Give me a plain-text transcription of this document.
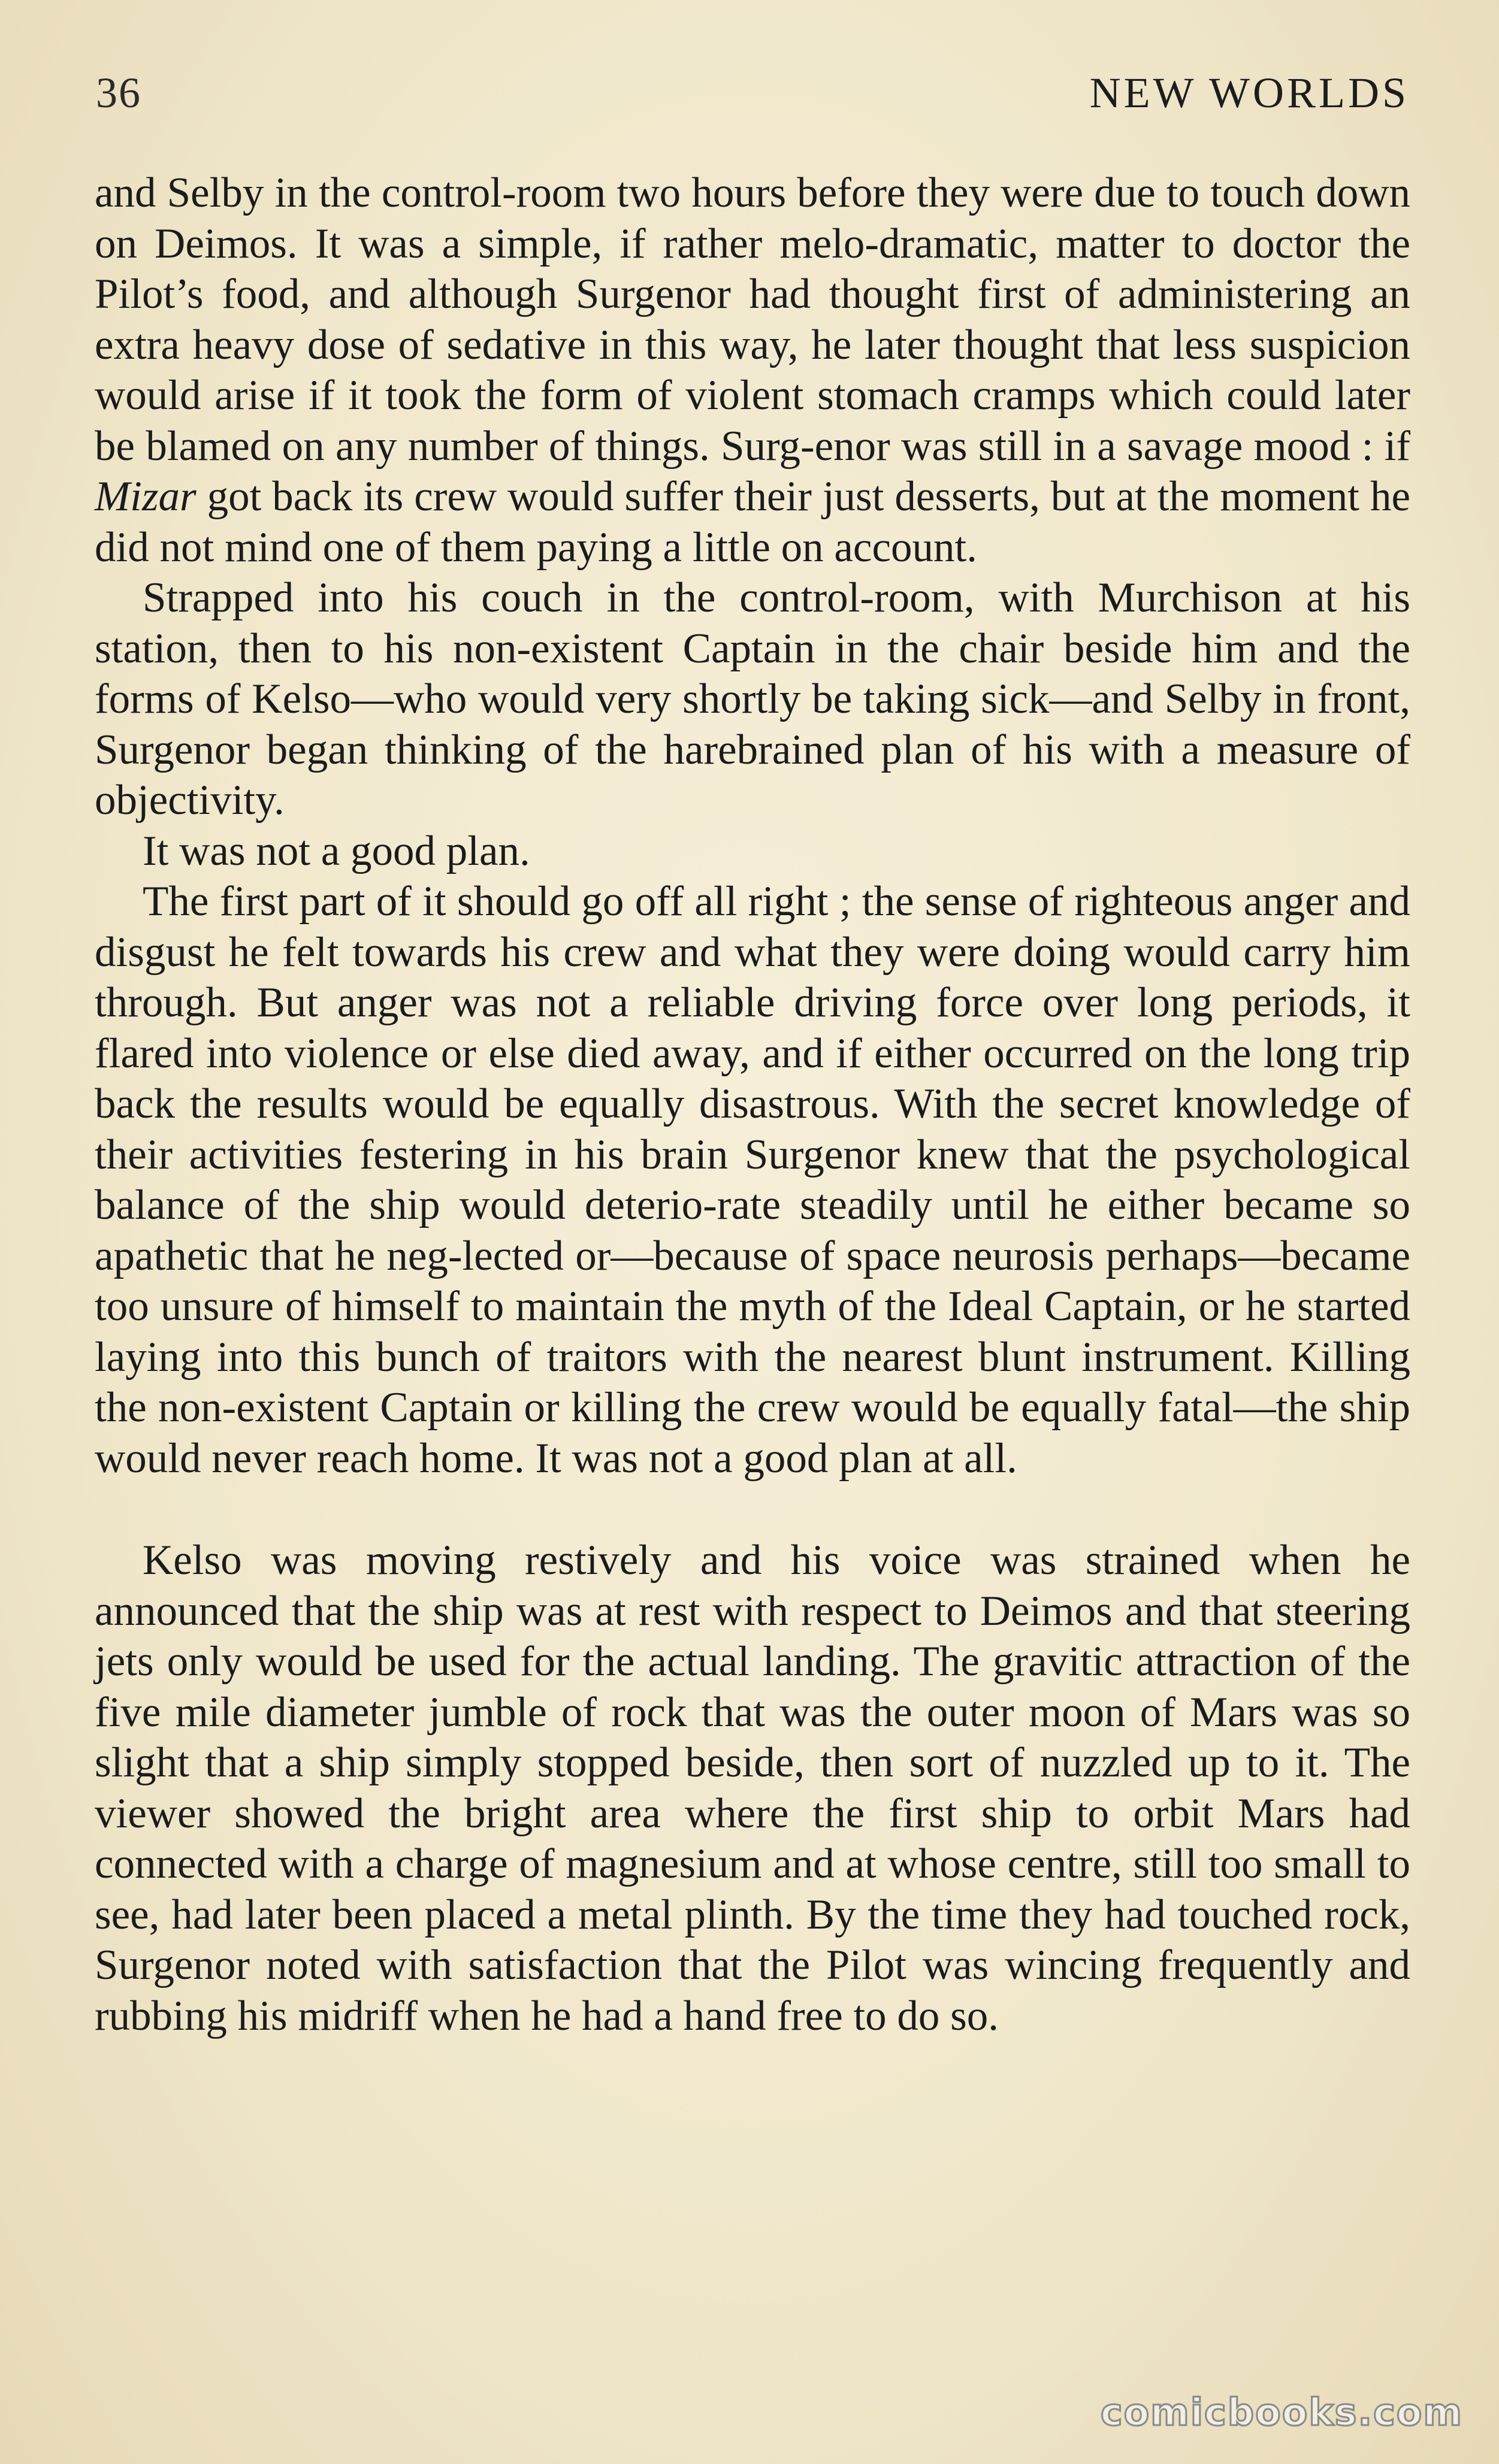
36	NEW WORLDS

and Selby in the control-room two hours before they were due to touch down on Deimos. It was a simple, if rather melo-dramatic, matter to doctor the Pilot’s food, and although Surgenor had thought first of administering an extra heavy dose of sedative in this way, he later thought that less suspicion would arise if it took the form of violent stomach cramps which could later be blamed on any number of things. Surg-enor was still in a savage mood : if Mizar got back its crew would suffer their just desserts, but at the moment he did not mind one of them paying a little on account.

Strapped into his couch in the control-room, with Murchison at his station, then to his non-existent Captain in the chair beside him and the forms of Kelso—who would very shortly be taking sick—and Selby in front, Surgenor began thinking of the harebrained plan of his with a measure of objectivity.

It was not a good plan.

The first part of it should go off all right ; the sense of righteous anger and disgust he felt towards his crew and what they were doing would carry him through. But anger was not a reliable driving force over long periods, it flared into violence or else died away, and if either occurred on the long trip back the results would be equally disastrous. With the secret knowledge of their activities festering in his brain Surgenor knew that the psychological balance of the ship would deterio-rate steadily until he either became so apathetic that he neg-lected or—because of space neurosis perhaps—became too unsure of himself to maintain the myth of the Ideal Captain, or he started laying into this bunch of traitors with the nearest blunt instrument. Killing the non-existent Captain or killing the crew would be equally fatal—the ship would never reach home. It was not a good plan at all.

Kelso was moving restively and his voice was strained when he announced that the ship was at rest with respect to Deimos and that steering jets only would be used for the actual landing. The gravitic attraction of the five mile diameter jumble of rock that was the outer moon of Mars was so slight that a ship simply stopped beside, then sort of nuzzled up to it. The viewer showed the bright area where the first ship to orbit Mars had connected with a charge of magnesium and at whose centre, still too small to see, had later been placed a metal plinth. By the time they had touched rock, Surgenor noted with satisfaction that the Pilot was wincing frequently and rubbing his midriff when he had a hand free to do so.

comicbooks.com
